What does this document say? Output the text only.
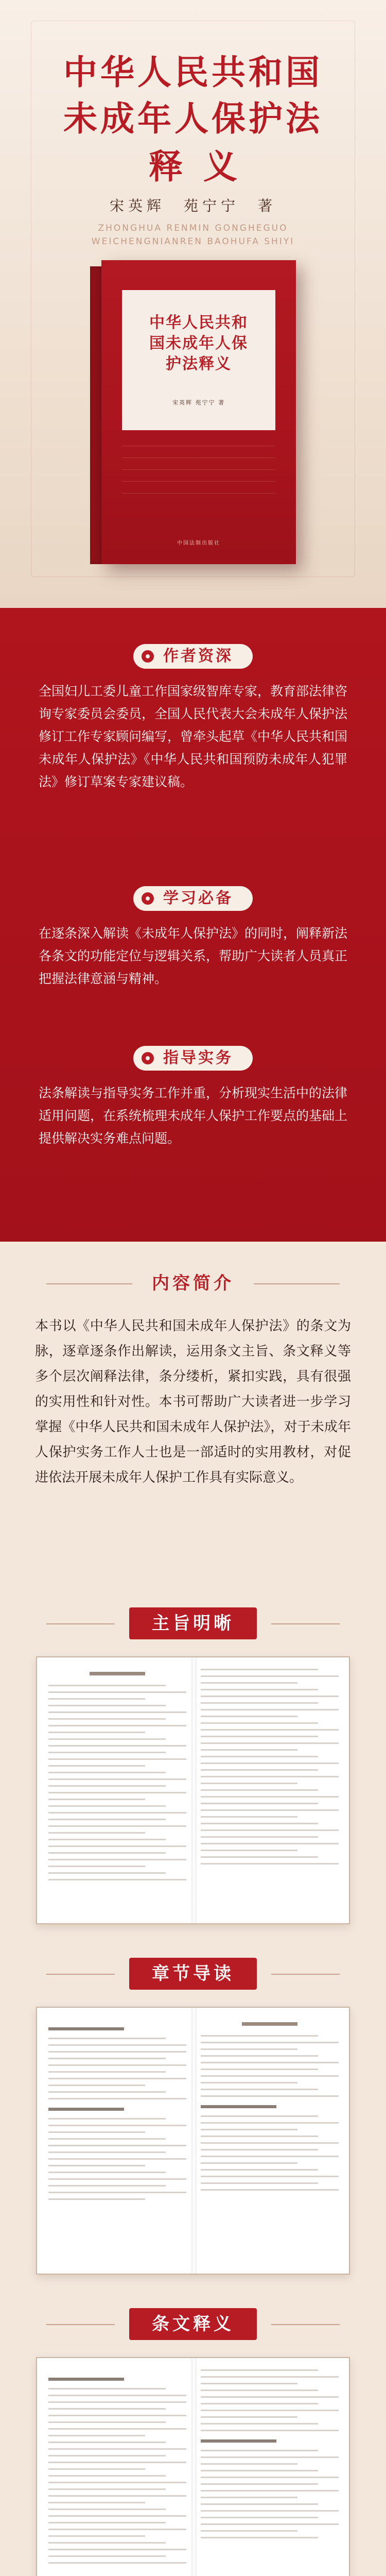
中华人民共和国
未成年人保护法
释义
宋英辉　苑宁宁　著
ZHONGHUA RENMIN GONGHEGUO
WEICHENGNIANREN BAOHUFA SHIYI
中华人民共和国未成年人保护法释义
宋英辉 苑宁宁 著
中国法制出版社
作者资深
全国妇儿工委儿童工作国家级智库专家，教育部法律咨询专家委员会委员，全国人民代表大会未成年人保护法修订工作专家顾问编写，曾牵头起草《中华人民共和国未成年人保护法》《中华人民共和国预防未成年人犯罪法》修订草案专家建议稿。
学习必备
在逐条深入解读《未成年人保护法》的同时，阐释新法各条文的功能定位与逻辑关系，帮助广大读者人员真正把握法律意涵与精神。
指导实务
法条解读与指导实务工作并重，分析现实生活中的法律适用问题，在系统梳理未成年人保护工作要点的基础上提供解决实务难点问题。
内容简介
本书以《中华人民共和国未成年人保护法》的条文为脉，逐章逐条作出解读，运用条文主旨、条文释义等多个层次阐释法律，条分缕析，紧扣实践，具有很强的实用性和针对性。本书可帮助广大读者进一步学习掌握《中华人民共和国未成年人保护法》，对于未成年人保护实务工作人士也是一部适时的实用教材，对促进依法开展未成年人保护工作具有实际意义。
主旨明晰
章节导读
条文释义
